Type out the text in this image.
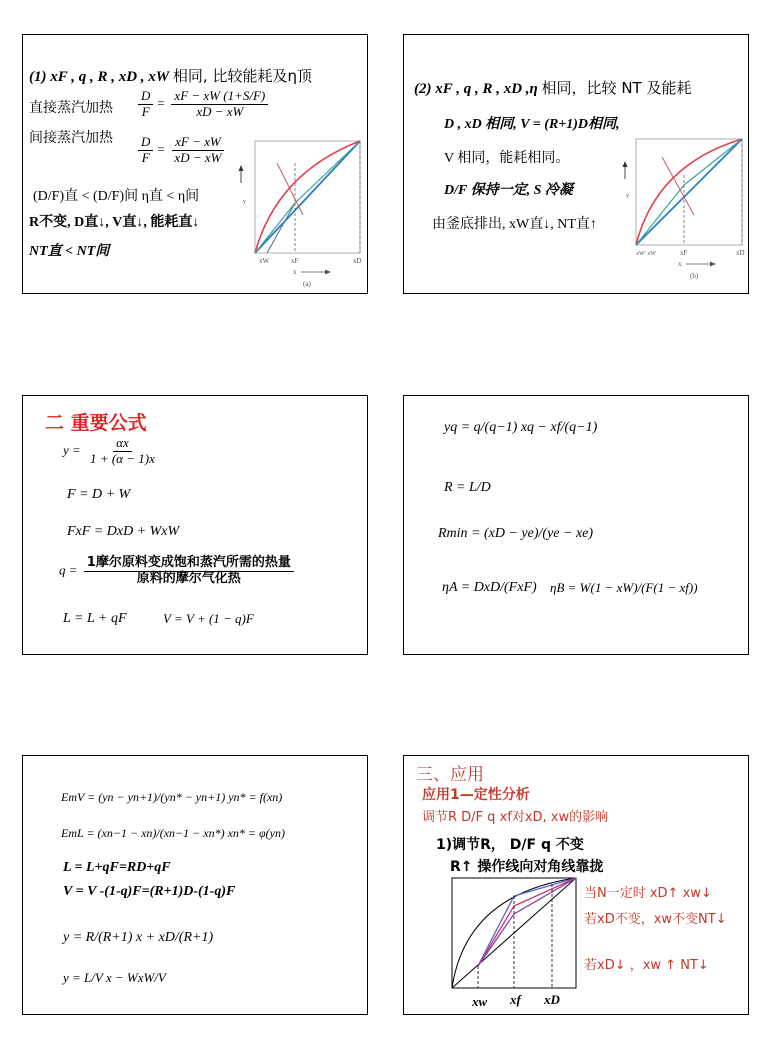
(1) xF , q , R , xD , xW 相同, 比较能耗及η顶
直接蒸汽加热 $\frac{D}{F} = \frac{xF - xW (1+S/F)}{xD - xW}$
间接蒸汽加热 $\frac{D}{F} = \frac{xF - xW}{xD - xW}$
(D/F)直 < (D/F)间 η直 < η间
R不变, D直↓, V直↓, 能耗直↓
NT直 < NT间
y
xW	xF	xD
x
(a)
(2) xF , q , R , xD ,η 相同，比较 NT 及能耗
D , xD 相同, V = (R+1)D相同,
V 相同，能耗相同。
D/F 保持一定, S 冷凝
由釜底排出, xW直↓, NT直↑
y
xW' xW	xF	xD
x
(b)
二 重要公式
$y = \frac{\alpha x}{1 + (\alpha - 1)x}$
F = D + W
FxF = DxD + WxW
$q = \frac{\text{1摩尔原料变成饱和蒸汽所需的热量}}{\text{原料的摩尔气化热}}$
L = L + qF	V = V + (1 − q)F
yq = q/(q−1) xq − xf/(q−1)
R = L/D
Rmin = (xD − ye)/(ye − xe)
ηA = DxD/(FxF) ηB = W(1 − xW)/(F(1 − xf))
EmV = (yn − yn+1)/(yn* − yn+1) yn* = f(xn)
EmL = (xn−1 − xn)/(xn−1 − xn*) xn* = φ(yn)
L = L+qF=RD+qF
V = V -(1-q)F=(R+1)D-(1-q)F
y = R/(R+1) x + xD/(R+1)
y = L/V x − WxW/V
三、应用
应用1—定性分析
调节R D/F q xf对xD, xw的影响
1)调节R， D/F q 不变
R↑ 操作线向对角线靠拢
xw xf xD
当N一定时 xD↑ xw↓
若xD不变，xw不变NT↓
若xD↓ ，xw ↑ NT↓
